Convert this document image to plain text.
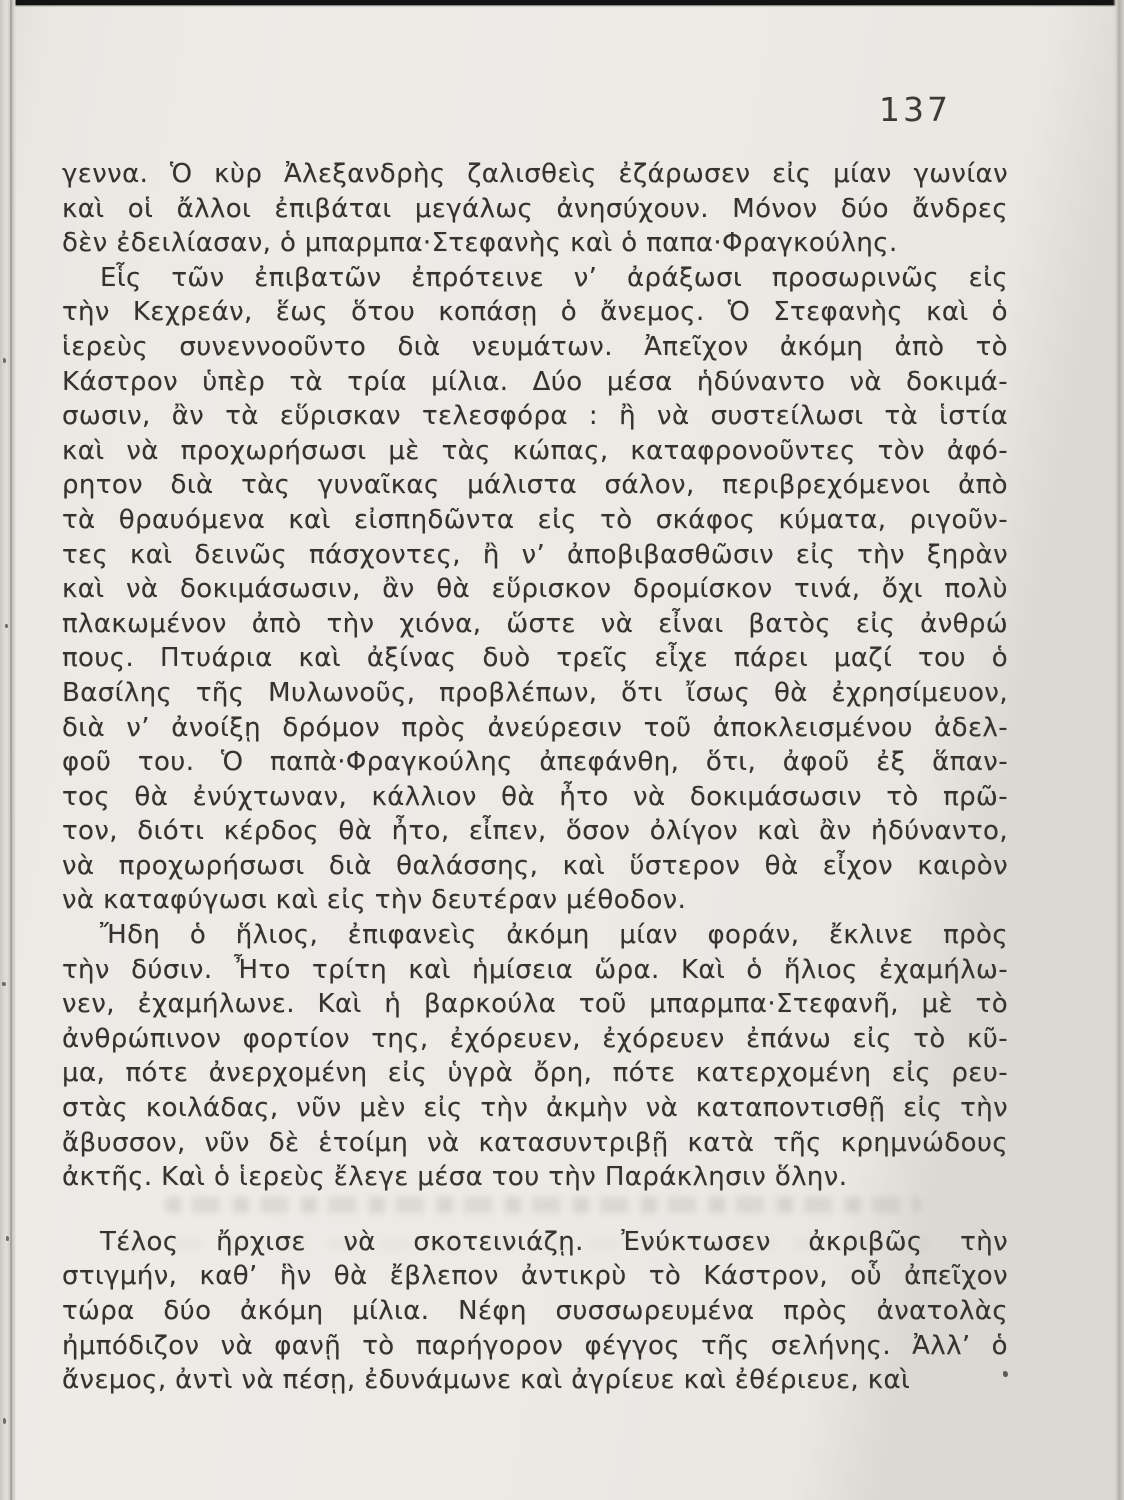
137
γεννα. Ὁ κὺρ Ἀλεξανδρὴς ζαλισθεὶς ἐζάρωσεν εἰς μίαν γωνίαν
καὶ οἱ ἄλλοι ἐπιβάται μεγάλως ἀνησύχουν. Μόνον δύο ἄνδρες
δὲν ἐδειλίασαν, ὁ μπαρμπα·Στεφανὴς καὶ ὁ παπα·Φραγκούλης.
Εἷς τῶν ἐπιβατῶν ἐπρότεινε ν’ ἀράξωσι προσωρινῶς εἰς
τὴν Κεχρεάν, ἕως ὅτου κοπάσῃ ὁ ἄνεμος. Ὁ Στεφανὴς καὶ ὁ
ἱερεὺς συνεννοοῦντο διὰ νευμάτων. Ἀπεῖχον ἀκόμη ἀπὸ τὸ
Κάστρον ὑπὲρ τὰ τρία μίλια. Δύο μέσα ἡδύναντο νὰ δοκιμά-
σωσιν, ἂν τὰ εὕρισκαν τελεσφόρα : ἢ νὰ συστείλωσι τὰ ἱστία
καὶ νὰ προχωρήσωσι μὲ τὰς κώπας, καταφρονοῦντες τὸν ἀφό-
ρητον διὰ τὰς γυναῖκας μάλιστα σάλον, περιβρεχόμενοι ἀπὸ
τὰ θραυόμενα καὶ εἰσπηδῶντα εἰς τὸ σκάφος κύματα, ριγοῦν-
τες καὶ δεινῶς πάσχοντες, ἢ ν’ ἀποβιβασθῶσιν εἰς τὴν ξηρὰν
καὶ νὰ δοκιμάσωσιν, ἂν θὰ εὕρισκον δρομίσκον τινά, ὄχι πολὺ
πλακωμένον ἀπὸ τὴν χιόνα, ὥστε νὰ εἶναι βατὸς εἰς ἀνθρώ
πους. Πτυάρια καὶ ἀξίνας δυὸ τρεῖς εἶχε πάρει μαζί του ὁ
Βασίλης τῆς Μυλωνοῦς, προβλέπων, ὅτι ἴσως θὰ ἐχρησίμευον,
διὰ ν’ ἀνοίξῃ δρόμον πρὸς ἀνεύρεσιν τοῦ ἀποκλεισμένου ἀδελ-
φοῦ του. Ὁ παπὰ·Φραγκούλης ἀπεφάνθη, ὅτι, ἀφοῦ ἐξ ἅπαν-
τος θὰ ἐνύχτωναν, κάλλιον θὰ ἦτο νὰ δοκιμάσωσιν τὸ πρῶ-
τον, διότι κέρδος θὰ ἦτο, εἶπεν, ὅσον ὀλίγον καὶ ἂν ἠδύναντο,
νὰ προχωρήσωσι διὰ θαλάσσης, καὶ ὕστερον θὰ εἶχον καιρὸν
νὰ καταφύγωσι καὶ εἰς τὴν δευτέραν μέθοδον.
Ἤδη ὁ ἥλιος, ἐπιφανεὶς ἀκόμη μίαν φοράν, ἔκλινε πρὸς
τὴν δύσιν. Ἦτο τρίτη καὶ ἡμίσεια ὥρα. Καὶ ὁ ἥλιος ἐχαμήλω-
νεν, ἐχαμήλωνε. Καὶ ἡ βαρκούλα τοῦ μπαρμπα·Στεφανῆ, μὲ τὸ
ἀνθρώπινον φορτίον της, ἐχόρευεν, ἐχόρευεν ἐπάνω εἰς τὸ κῦ-
μα, πότε ἀνερχομένη εἰς ὑγρὰ ὄρη, πότε κατερχομένη εἰς ρευ-
στὰς κοιλάδας, νῦν μὲν εἰς τὴν ἀκμὴν νὰ καταποντισθῇ εἰς τὴν
ἄβυσσον, νῦν δὲ ἑτοίμη νὰ κατασυντριβῇ κατὰ τῆς κρημνώδους
ἀκτῆς. Καὶ ὁ ἱερεὺς ἔλεγε μέσα του τὴν Παράκλησιν ὅλην.
Τέλος ἤρχισε νὰ σκοτεινιάζῃ. Ἐνύκτωσεν ἀκριβῶς τὴν
στιγμήν, καθ’ ἣν θὰ ἔβλεπον ἀντικρὺ τὸ Κάστρον, οὗ ἀπεῖχον
τώρα δύο ἀκόμη μίλια. Νέφη συσσωρευμένα πρὸς ἀνατολὰς
ἠμπόδιζον νὰ φανῇ τὸ παρήγορον φέγγος τῆς σελήνης. Ἀλλ’ ὁ
ἄνεμος, ἀντὶ νὰ πέσῃ, ἐδυνάμωνε καὶ ἀγρίευε καὶ ἐθέριευε, καὶ
